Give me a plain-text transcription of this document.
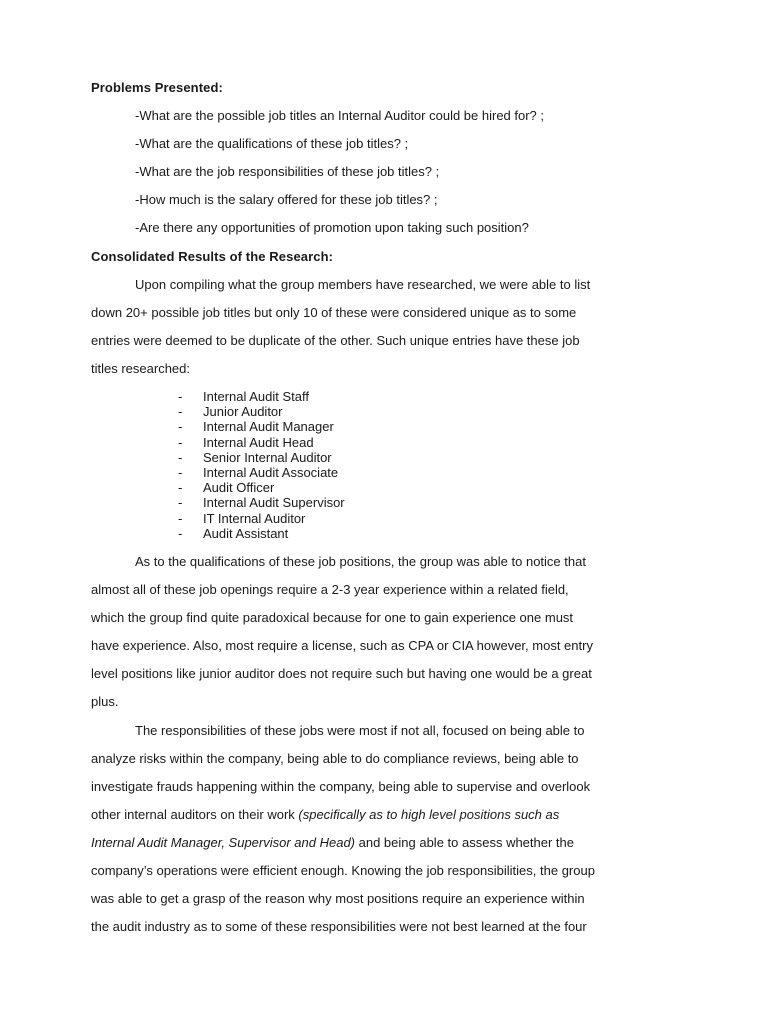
Problems Presented:
-What are the possible job titles an Internal Auditor could be hired for? ;
-What are the qualifications of these job titles? ;
-What are the job responsibilities of these job titles? ;
-How much is the salary offered for these job titles? ;
-Are there any opportunities of promotion upon taking such position?
Consolidated Results of the Research:
Upon compiling what the group members have researched, we were able to list
down 20+ possible job titles but only 10 of these were considered unique as to some
entries were deemed to be duplicate of the other. Such unique entries have these job
titles researched:
-	Internal Audit Staff
-	Junior Auditor
-	Internal Audit Manager
-	Internal Audit Head
-	Senior Internal Auditor
-	Internal Audit Associate
-	Audit Officer
-	Internal Audit Supervisor
-	IT Internal Auditor
-	Audit Assistant
As to the qualifications of these job positions, the group was able to notice that
almost all of these job openings require a 2-3 year experience within a related field,
which the group find quite paradoxical because for one to gain experience one must
have experience. Also, most require a license, such as CPA or CIA however, most entry
level positions like junior auditor does not require such but having one would be a great
plus.
The responsibilities of these jobs were most if not all, focused on being able to
analyze risks within the company, being able to do compliance reviews, being able to
investigate frauds happening within the company, being able to supervise and overlook
other internal auditors on their work (specifically as to high level positions such as
Internal Audit Manager, Supervisor and Head) and being able to assess whether the
company’s operations were efficient enough. Knowing the job responsibilities, the group
was able to get a grasp of the reason why most positions require an experience within
the audit industry as to some of these responsibilities were not best learned at the four
